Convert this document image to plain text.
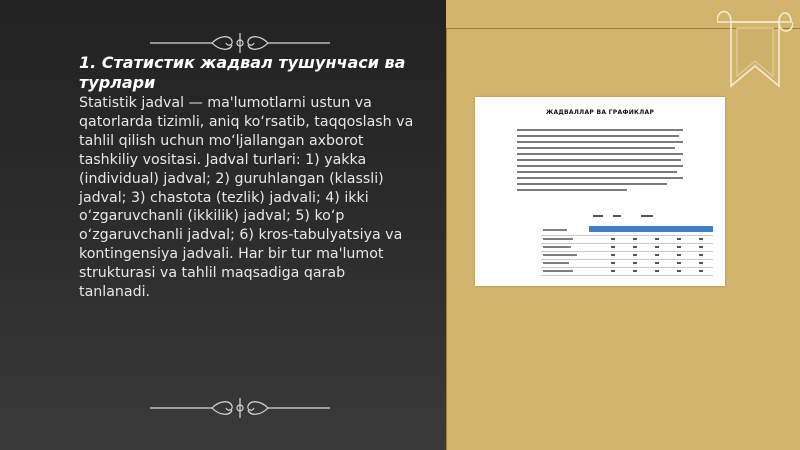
1. Статистик жадвал тушунчаси ва турлари

Statistik jadval — ma'lumotlarni ustun va qatorlarda tizimli, aniq ko‘rsatib, taqqoslash va tahlil qilish uchun mo‘ljallangan axborot tashkiliy vositasi. Jadval turlari: 1) yakka (individual) jadval; 2) guruhlangan (klassli) jadval; 3) chastota (tezlik) jadvali; 4) ikki o‘zgaruvchanli (ikkilik) jadval; 5) ko‘p o‘zgaruvchanli jadval; 6) kros-tabulyatsiya va kontingensiya jadvali. Har bir tur ma'lumot strukturasi va tahlil maqsadiga qarab tanlanadi.

ЖАДВАЛЛАР ВА ГРАФИКЛАР
